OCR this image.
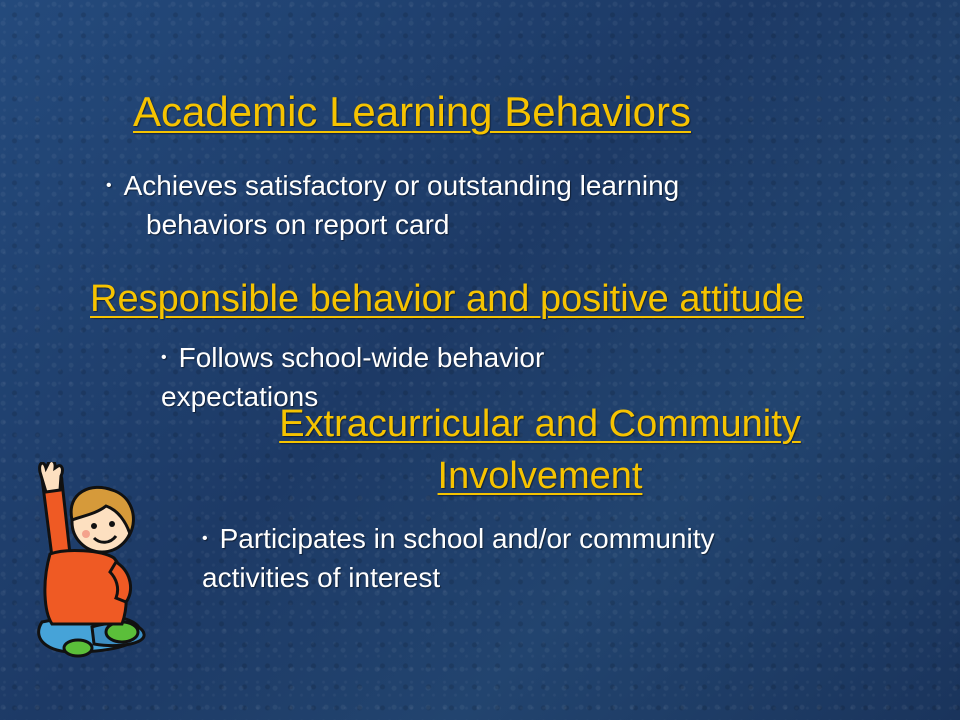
Academic Learning Behaviors
• Achieves satisfactory or outstanding learning
behaviors on report card
Responsible behavior and positive attitude
• Follows school-wide behavior
expectations
Extracurricular and Community
Involvement
• Participates in school and/or community
activities of interest
